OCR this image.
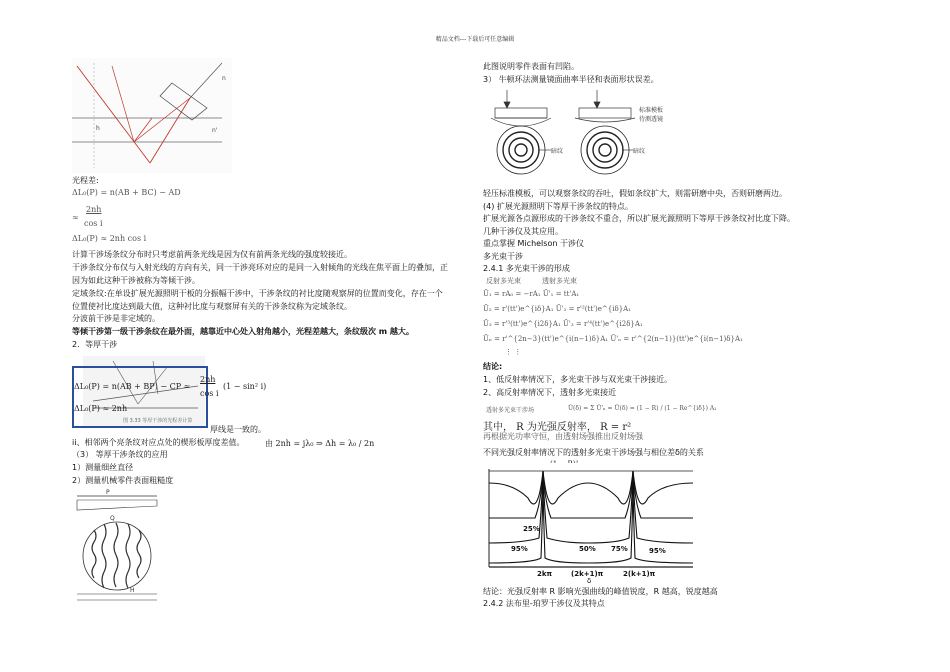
精品文档---下载后可任意编辑
n
n'
h
光程差:
ΔL₀(P) = n(AB + BC) − AD
2nh
≈
cos i
ΔL₀(P) ≈ 2nh cos i
计算干涉场条纹分布时只考虑前两条光线是因为仅有前两条光线的强度较接近。
干涉条纹分布仅与入射光线的方向有关，同一干涉亮环对应的是同一入射倾角的光线在焦平面上的叠加，正
因为如此这种干涉被称为等倾干涉。
定域条纹:在单设扩展光源照明干板的分振幅干涉中，干涉条纹的衬比度随观察屏的位置而变化，存在一个
位置使衬比度达到最大值，这种衬比度与观察屏有关的干涉条纹称为定域条纹。
分波前干涉是非定域的。
等倾干涉第一级干涉条纹在最外面，越靠近中心处入射角越小，光程差越大，条纹级次 m 越大。
2．等厚干涉
图 3.33 等厚干涉的光程差计算
ΔL₀(P) = n(AB + BP) − CP ≈
2nh
cos i
(1 − sin² i)
ΔL₀(P) ≈ 2nh
厚线是一致的。
ii、相邻两个亮条纹对应点处的楔形板厚度差值。	由 2nh = jλ₀ ⇒ Δh = λ₀ / 2n
（3） 等厚干涉条纹的应用
1）测量细丝直径
2）测量机械零件表面粗糙度
P
Q
H
此图说明零件表面有凹陷。
3） 牛顿环法测量镜面曲率半径和表面形状误差。
标准模板
待测透镜
暗纹	暗纹
轻压标准模板，可以观察条纹的吞吐，假如条纹扩大，则需研磨中央，否则研磨两边。
(4) 扩展光源照明下等厚干涉条纹的特点。
扩展光源各点源形成的干涉条纹不重合，所以扩展光源照明下等厚干涉条纹衬比度下降。
几种干涉仪及其应用。
重点掌握 Michelson 干涉仪
多光束干涉
2.4.1 多光束干涉的形成
反射多光束	透射多光束
Ũ₁ = rA₀ = −rA₁ Ũ'₁ = tt'A₁
Ũ₂ = r'(tt')e^{iδ}A₁ Ũ'₂ = r'²(tt')e^{iδ}A₁
Ũ₃ = r'³(tt')e^{i2δ}A₁ Ũ'₃ = r'⁴(tt')e^{i2δ}A₁
Ũₙ = r'^{2n−3}(tt')e^{i(n−1)δ}A₁ Ũ'ₙ = r'^{2(n−1)}(tt')e^{i(n−1)δ}A₁
⋮ ⋮
结论:
1、低反射率情况下，多光束干涉与双光束干涉接近。
2、高反射率情况下，透射多光束接近
透射多光束干涉场	Ũ(δ) = Σ Ũ'ₙ = Ũ(δ) = (1 − R) / (1 − Re^{iδ}) A₁
其中， R 为光强反射率， R = r²
再根据光功率守恒，由透射场强推出反射场强
不同光强反射率情况下的透射多光束干涉场强与相位差δ的关系
25%
50% 75%
95%	95%
2kπ	(2k+1)π	2(k+1)π
δ
结论：光强反射率 R 影响光强曲线的峰值锐度，R 越高，锐度越高
2.4.2 法布里-珀罗干涉仪及其特点
